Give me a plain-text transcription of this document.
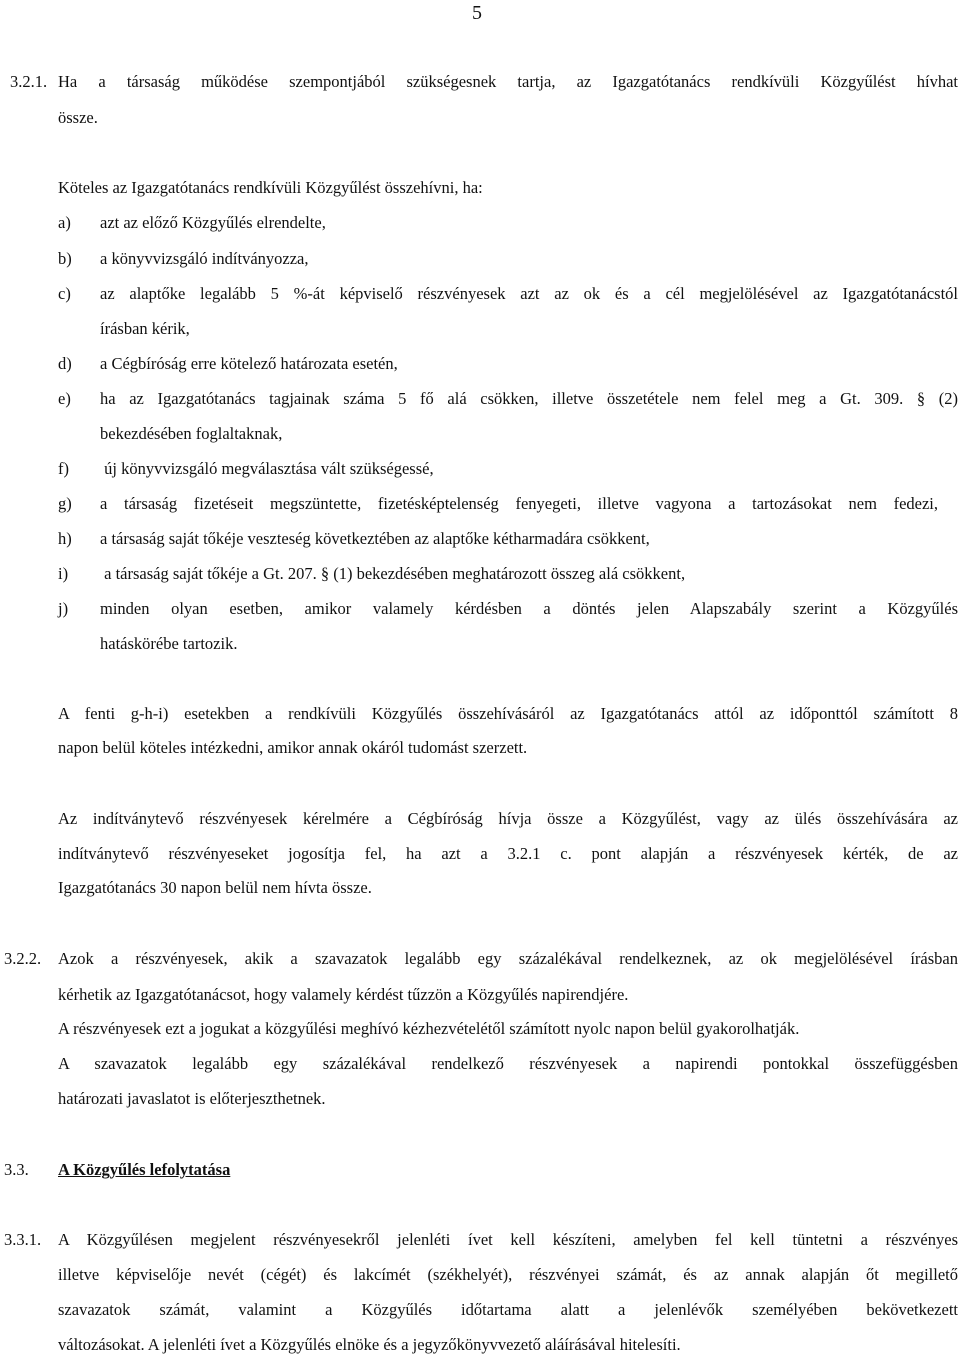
5
3.2.1. Ha a társaság működése szempontjából szükségesnek tartja, az Igazgatótanács rendkívüli Közgyűlést hívhat
össze.
Köteles az Igazgatótanács rendkívüli Közgyűlést összehívni, ha:
a)	azt az előző Közgyűlés elrendelte,
b)	a könyvvizsgáló indítványozza,
c)	az alaptőke legalább 5 %-át képviselő részvényesek azt az ok és a cél megjelölésével az Igazgatótanácstól
írásban kérik,
d)	a Cégbíróság erre kötelező határozata esetén,
e)	ha az Igazgatótanács tagjainak száma 5 fő alá csökken, illetve összetétele nem felel meg a Gt. 309. § (2)
bekezdésében foglaltaknak,
f)	új könyvvizsgáló megválasztása vált szükségessé,
g)	a társaság fizetéseit megszüntette, fizetésképtelenség fenyegeti, illetve vagyona a tartozásokat nem fedezi,
h)	a társaság saját tőkéje veszteség következtében az alaptőke kétharmadára csökkent,
i)	a társaság saját tőkéje a Gt. 207. § (1) bekezdésében meghatározott összeg alá csökkent,
j)	minden olyan esetben, amikor valamely kérdésben a döntés jelen Alapszabály szerint a Közgyűlés
hatáskörébe tartozik.
A fenti g-h-i) esetekben a rendkívüli Közgyűlés összehívásáról az Igazgatótanács attól az időponttól számított 8
napon belül köteles intézkedni, amikor annak okáról tudomást szerzett.
Az indítványtevő részvényesek kérelmére a Cégbíróság hívja össze a Közgyűlést, vagy az ülés összehívására az
indítványtevő részvényeseket jogosítja fel, ha azt a 3.2.1 c. pont alapján a részvényesek kérték, de az
Igazgatótanács 30 napon belül nem hívta össze.
3.2.2. Azok a részvényesek, akik a szavazatok legalább egy százalékával rendelkeznek, az ok megjelölésével írásban
kérhetik az Igazgatótanácsot, hogy valamely kérdést tűzzön a Közgyűlés napirendjére.
A részvényesek ezt a jogukat a közgyűlési meghívó kézhezvételétől számított nyolc napon belül gyakorolhatják.
A szavazatok legalább egy százalékával rendelkező részvényesek a napirendi pontokkal összefüggésben
határozati javaslatot is előterjeszthetnek.
3.3. A Közgyűlés lefolytatása
3.3.1. A Közgyűlésen megjelent részvényesekről jelenléti ívet kell készíteni, amelyben fel kell tüntetni a részvényes
illetve képviselője nevét (cégét) és lakcímét (székhelyét), részvényei számát, és az annak alapján őt megillető
szavazatok számát, valamint a Közgyűlés időtartama alatt a jelenlévők személyében bekövetkezett
változásokat. A jelenléti ívet a Közgyűlés elnöke és a jegyzőkönyvvezető aláírásával hitelesíti.
